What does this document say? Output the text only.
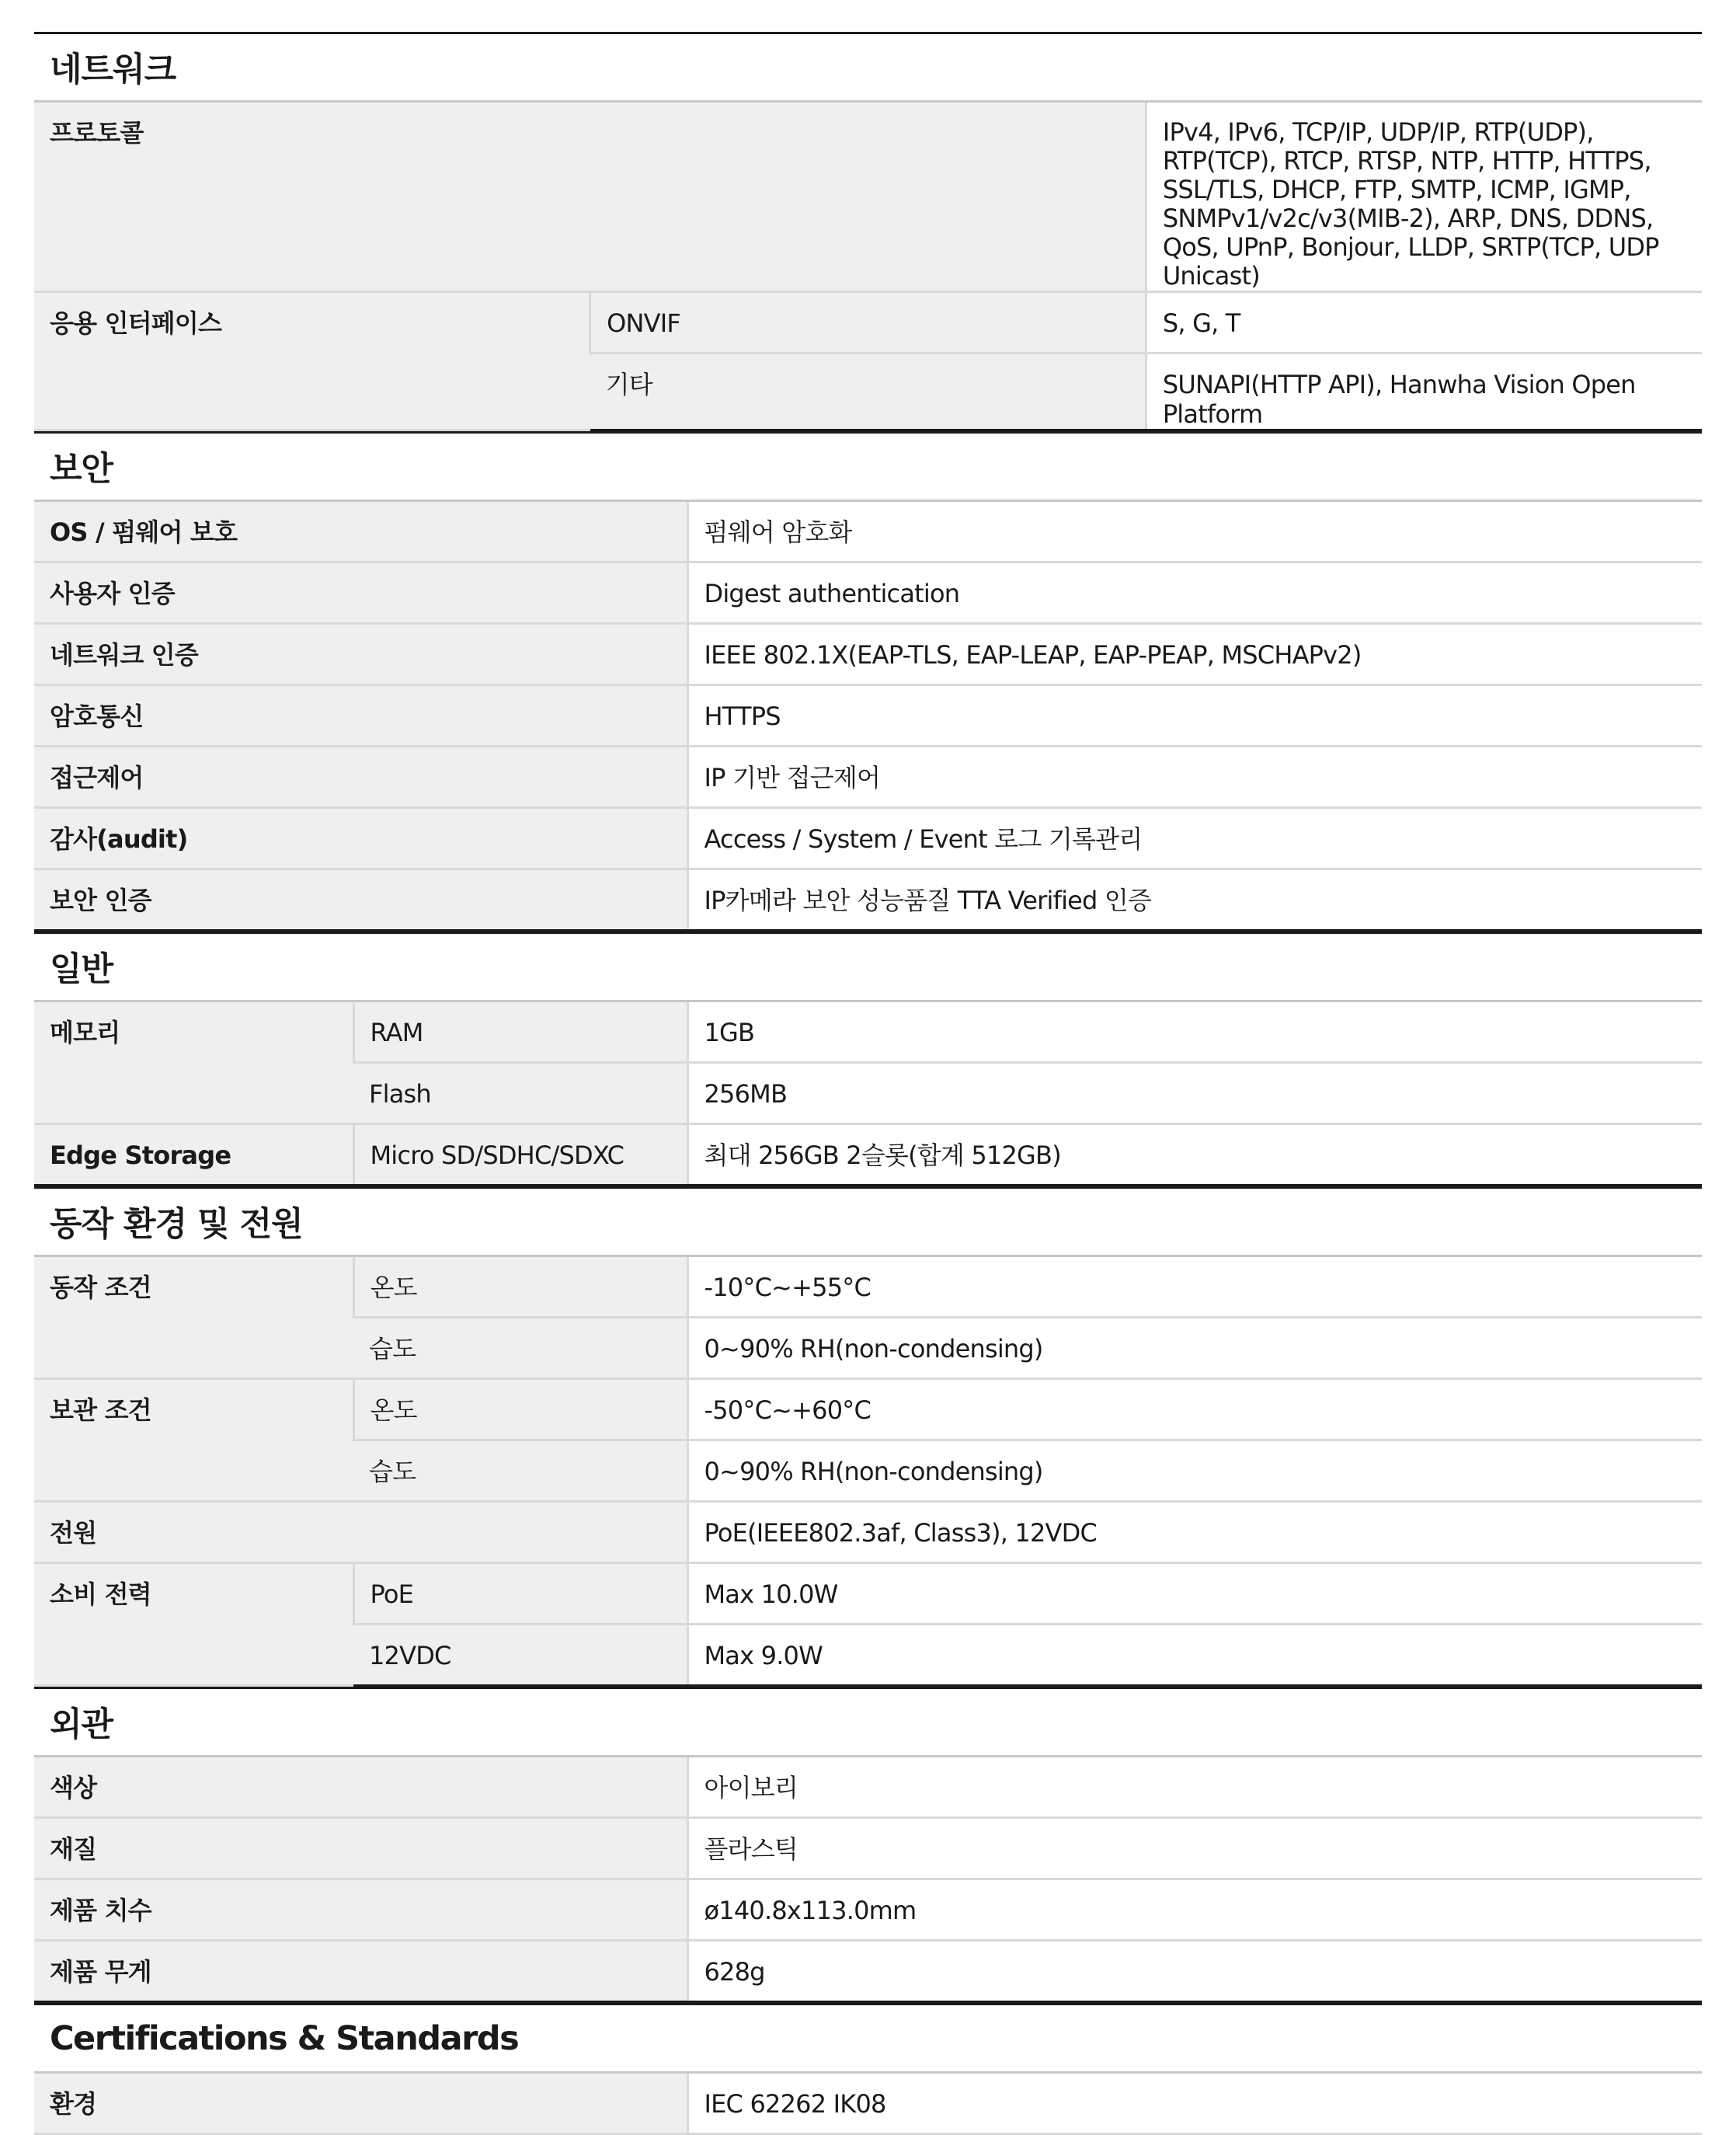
네트워크
프로토콜		IPv4, IPv6, TCP/IP, UDP/IP, RTP(UDP), RTP(TCP), RTCP, RTSP, NTP, HTTP, HTTPS,
SSL/TLS, DHCP, FTP, SMTP, ICMP, IGMP, SNMPv1/v2c/v3(MIB-2), ARP, DNS, DDNS,
QoS, UPnP, Bonjour, LLDP, SRTP(TCP, UDP Unicast)

응용 인터페이스	ONVIF	S, G, T
	기타	SUNAPI(HTTP API), Hanwha Vision Open Platform
보안
OS / 펌웨어 보호	펌웨어 암호화
사용자 인증	Digest authentication
네트워크 인증	IEEE 802.1X(EAP-TLS, EAP-LEAP, EAP-PEAP, MSCHAPv2)
암호통신	HTTPS
접근제어	IP 기반 접근제어
감사(audit)	Access / System / Event 로그 기록관리
보안 인증	IP카메라 보안 성능품질 TTA Verified 인증
일반
메모리	RAM	1GB
	Flash	256MB
Edge Storage	Micro SD/SDHC/SDXC	최대 256GB 2슬롯(합계 512GB)
동작 환경 및 전원
동작 조건	온도	-10°C~+55°C
	습도	0~90% RH(non-condensing)
보관 조건	온도	-50°C~+60°C
	습도	0~90% RH(non-condensing)
전원		PoE(IEEE802.3af, Class3), 12VDC
소비 전력	PoE	Max 10.0W
	12VDC	Max 9.0W
외관
색상	아이보리
재질	플라스틱
제품 치수	ø140.8x113.0mm
제품 무게	628g
Certifications & Standards
환경	IEC 62262 IK08
